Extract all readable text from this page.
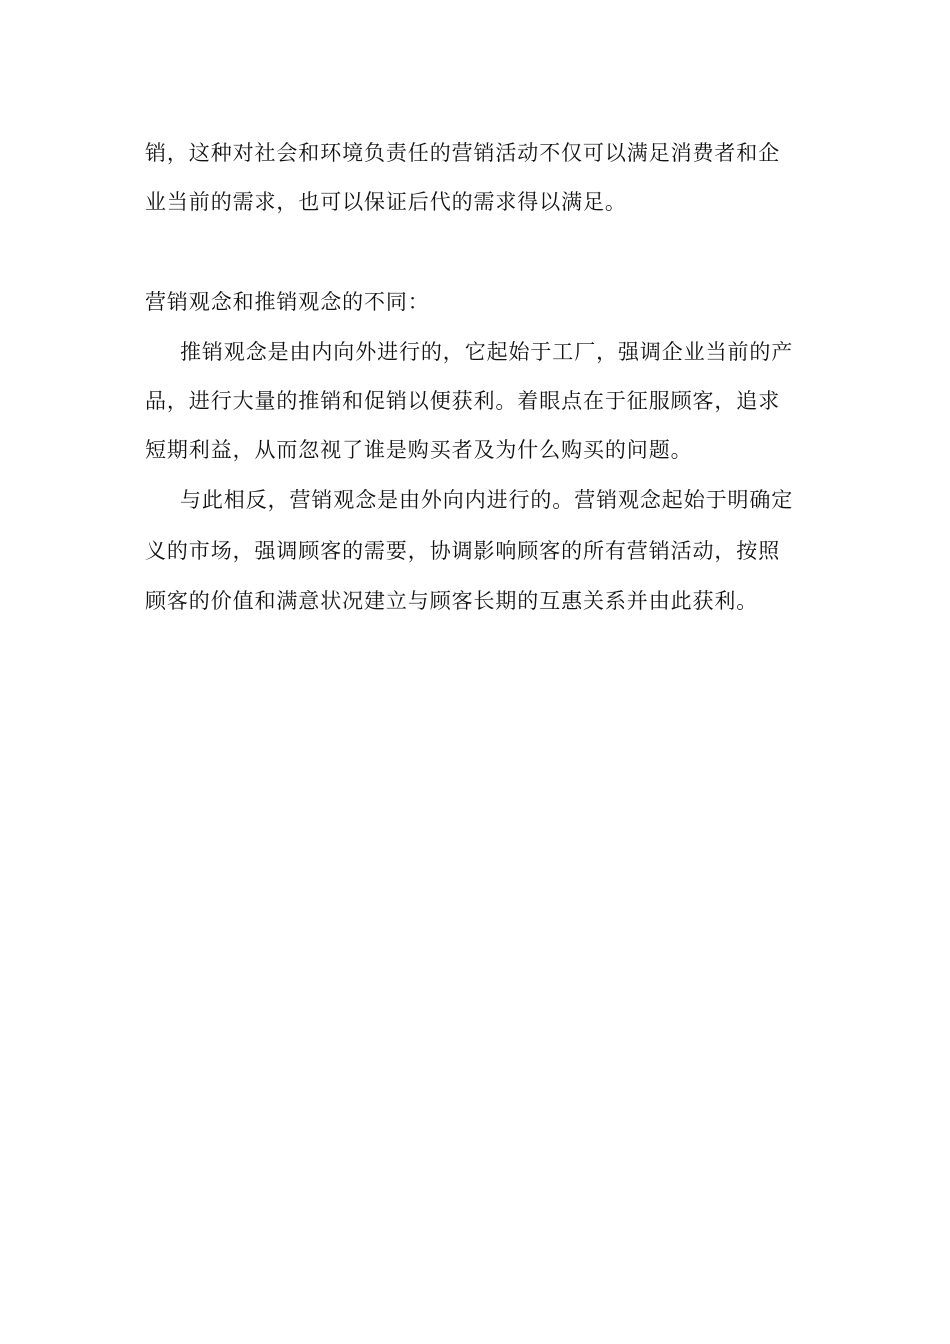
销，这种对社会和环境负责任的营销活动不仅可以满足消费者和企
业当前的需求，也可以保证后代的需求得以满足。
营销观念和推销观念的不同：
推销观念是由内向外进行的，它起始于工厂，强调企业当前的产
品，进行大量的推销和促销以便获利。着眼点在于征服顾客，追求
短期利益，从而忽视了谁是购买者及为什么购买的问题。
与此相反，营销观念是由外向内进行的。营销观念起始于明确定
义的市场，强调顾客的需要，协调影响顾客的所有营销活动，按照
顾客的价值和满意状况建立与顾客长期的互惠关系并由此获利。
